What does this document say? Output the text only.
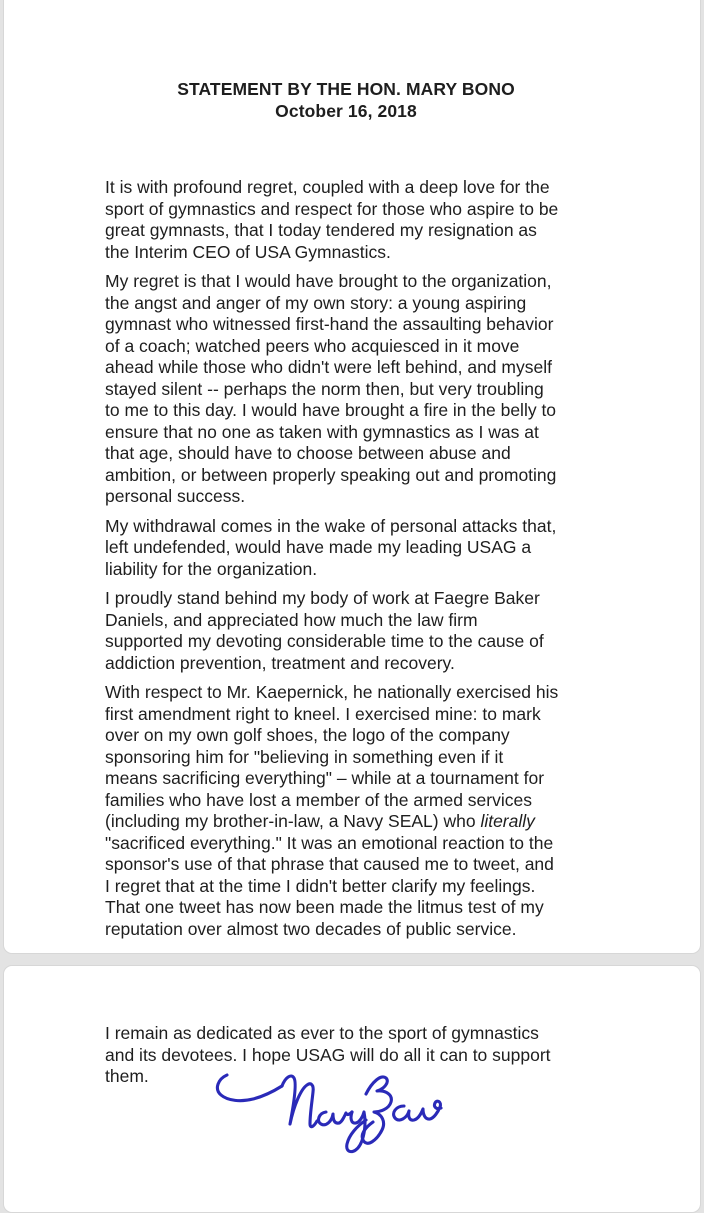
STATEMENT BY THE HON. MARY BONO
October 16, 2018
It is with profound regret, coupled with a deep love for the
sport of gymnastics and respect for those who aspire to be
great gymnasts, that I today tendered my resignation as
the Interim CEO of USA Gymnastics.
My regret is that I would have brought to the organization,
the angst and anger of my own story: a young aspiring
gymnast who witnessed first-hand the assaulting behavior
of a coach; watched peers who acquiesced in it move
ahead while those who didn't were left behind, and myself
stayed silent -- perhaps the norm then, but very troubling
to me to this day. I would have brought a fire in the belly to
ensure that no one as taken with gymnastics as I was at
that age, should have to choose between abuse and
ambition, or between properly speaking out and promoting
personal success.
My withdrawal comes in the wake of personal attacks that,
left undefended, would have made my leading USAG a
liability for the organization.
I proudly stand behind my body of work at Faegre Baker
Daniels, and appreciated how much the law firm
supported my devoting considerable time to the cause of
addiction prevention, treatment and recovery.
With respect to Mr. Kaepernick, he nationally exercised his
first amendment right to kneel. I exercised mine: to mark
over on my own golf shoes, the logo of the company
sponsoring him for "believing in something even if it
means sacrificing everything" – while at a tournament for
families who have lost a member of the armed services
(including my brother-in-law, a Navy SEAL) who literally
"sacrificed everything." It was an emotional reaction to the
sponsor's use of that phrase that caused me to tweet, and
I regret that at the time I didn't better clarify my feelings.
That one tweet has now been made the litmus test of my
reputation over almost two decades of public service.
I remain as dedicated as ever to the sport of gymnastics
and its devotees. I hope USAG will do all it can to support
them.
